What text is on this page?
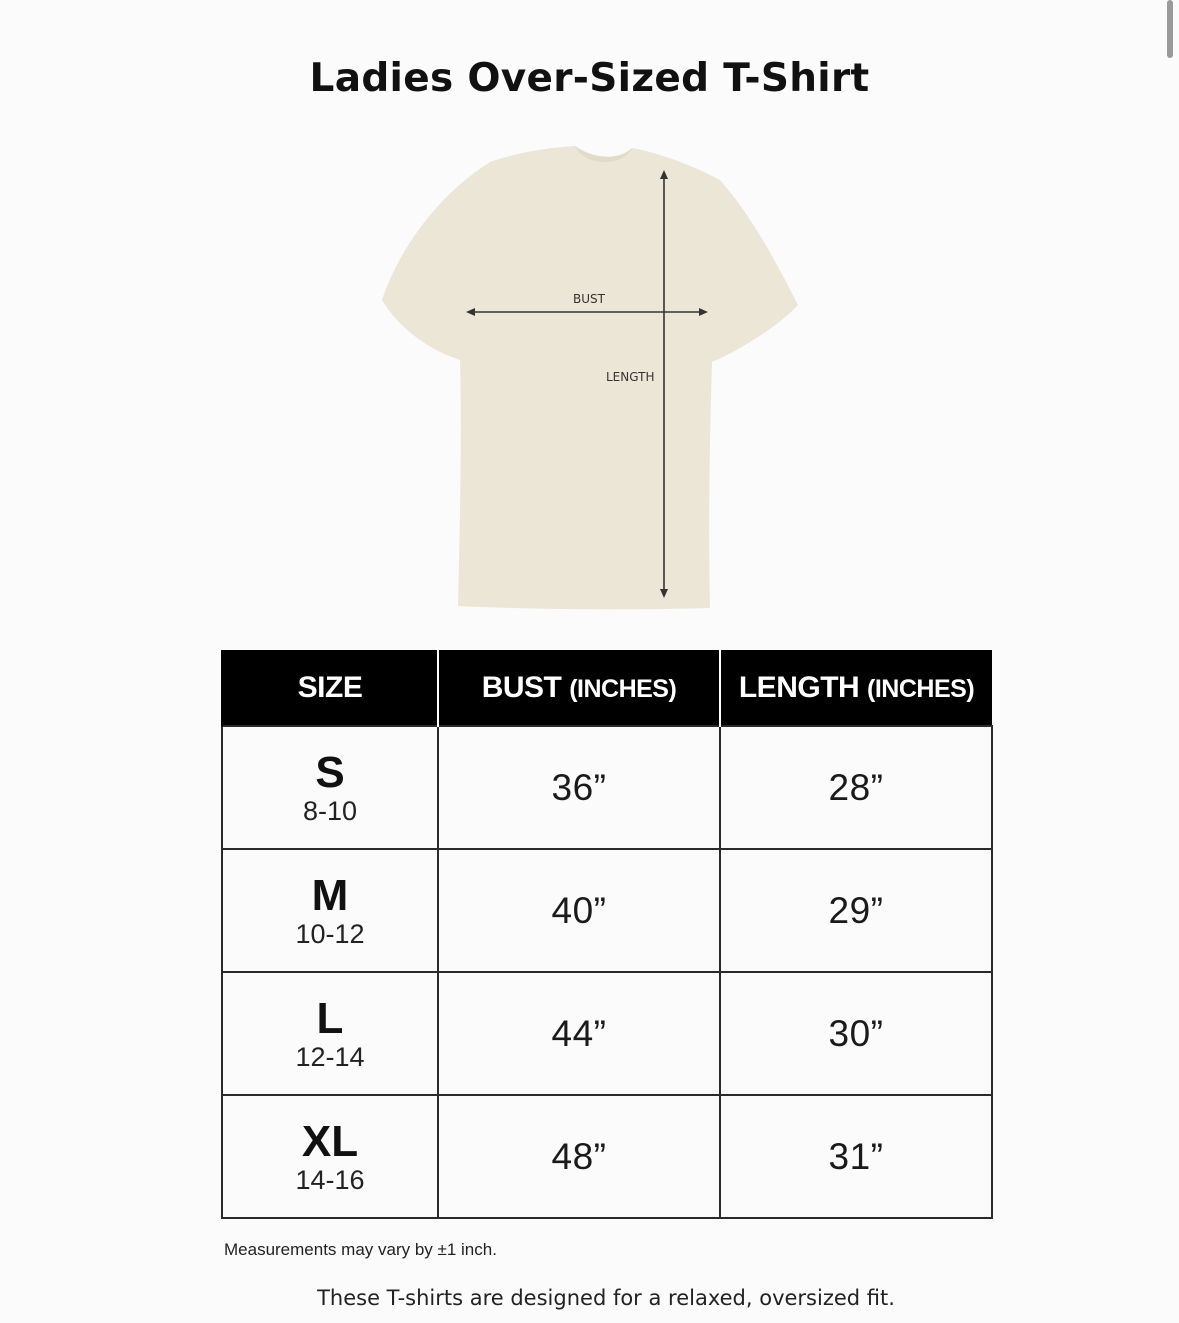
Ladies Over-Sized T-Shirt
BUST
LENGTH
SIZE	BUST (INCHES)	LENGTH (INCHES)

S
8-10	36”	28”

M
10-12	40”	29”

L
12-14	44”	30”

XL
14-16	48”	31”
Measurements may vary by ±1 inch.
These T-shirts are designed for a relaxed, oversized fit.
